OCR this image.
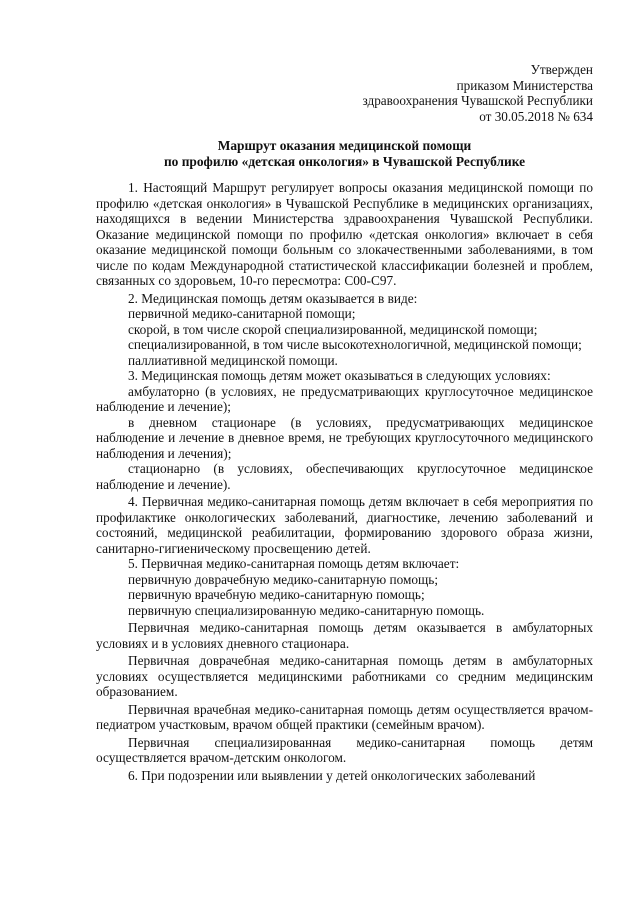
Утвержден
приказом Министерства
здравоохранения Чувашской Республики
от 30.05.2018 № 634
Маршрут оказания медицинской помощи
по профилю «детская онкология» в Чувашской Республике

1. Настоящий Маршрут регулирует вопросы оказания медицинской помощи по профилю «детская онкология» в Чувашской Республике в медицинских организациях, находящихся в ведении Министерства здравоохранения Чувашской Республики. Оказание медицинской помощи по профилю «детская онкология» включает в себя оказание медицинской помощи больным со злокачественными заболеваниями, в том числе по кодам Международной статистической классификации болезней и проблем, связанных со здоровьем, 10-го пересмотра: С00-С97.

2. Медицинская помощь детям оказывается в виде:

первичной медико-санитарной помощи;

скорой, в том числе скорой специализированной, медицинской помощи;

специализированной, в том числе высокотехнологичной, медицинской помощи;

паллиативной медицинской помощи.

3. Медицинская помощь детям может оказываться в следующих условиях:

амбулаторно (в условиях, не предусматривающих круглосуточное медицинское наблюдение и лечение);

в дневном стационаре (в условиях, предусматривающих медицинское наблюдение и лечение в дневное время, не требующих круглосуточного медицинского наблюдения и лечения);

стационарно (в условиях, обеспечивающих круглосуточное медицинское наблюдение и лечение).

4. Первичная медико-санитарная помощь детям включает в себя мероприятия по профилактике онкологических заболеваний, диагностике, лечению заболеваний и состояний, медицинской реабилитации, формированию здорового образа жизни, санитарно-гигиеническому просвещению детей.

5. Первичная медико-санитарная помощь детям включает:

первичную доврачебную медико-санитарную помощь;

первичную врачебную медико-санитарную помощь;

первичную специализированную медико-санитарную помощь.

Первичная медико-санитарная помощь детям оказывается в амбулаторных условиях и в условиях дневного стационара.

Первичная доврачебная медико-санитарная помощь детям в амбулаторных условиях осуществляется медицинскими работниками со средним медицинским образованием.

Первичная врачебная медико-санитарная помощь детям осуществляется врачом-педиатром участковым, врачом общей практики (семейным врачом).

Первичная специализированная медико-санитарная помощь детям осуществляется врачом-детским онкологом.

6. При подозрении или выявлении у детей онкологических заболеваний
